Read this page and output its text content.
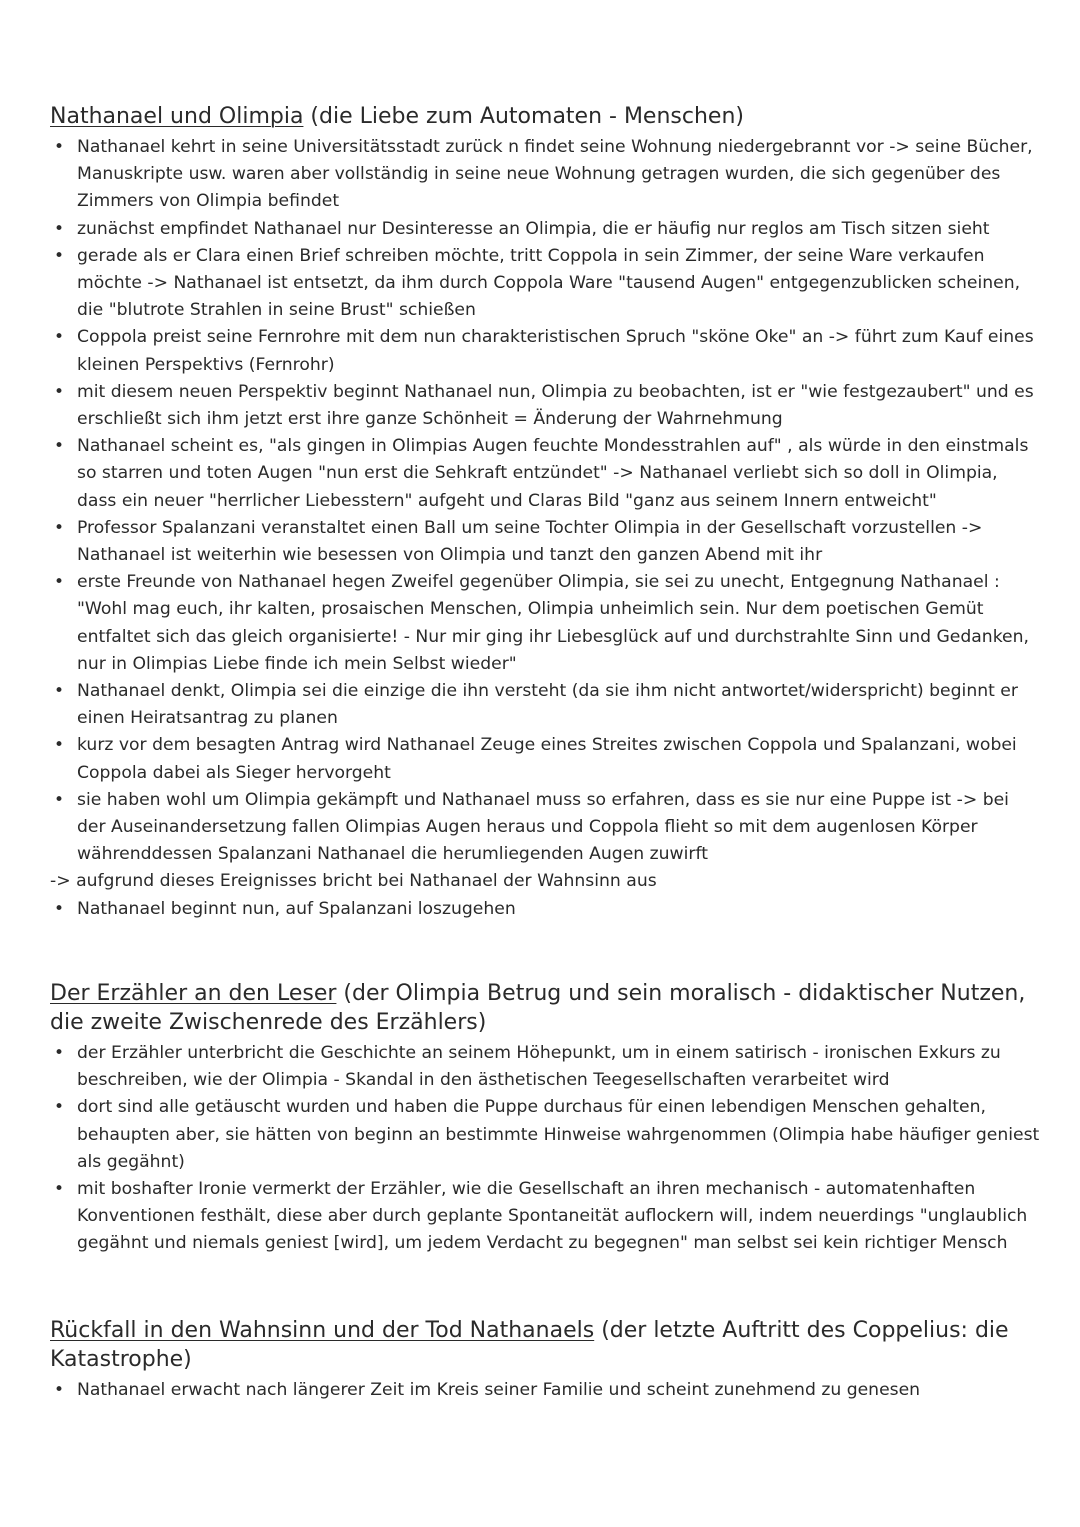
Nathanael und Olimpia (die Liebe zum Automaten - Menschen)
• Nathanael kehrt in seine Universitätsstadt zurück n findet seine Wohnung niedergebrannt vor -> seine Bücher, Manuskripte usw. waren aber vollständig in seine neue Wohnung getragen wurden, die sich gegenüber des Zimmers von Olimpia befindet
• zunächst empfindet Nathanael nur Desinteresse an Olimpia, die er häufig nur reglos am Tisch sitzen sieht
• gerade als er Clara einen Brief schreiben möchte, tritt Coppola in sein Zimmer, der seine Ware verkaufen möchte -> Nathanael ist entsetzt, da ihm durch Coppola Ware "tausend Augen" entgegenzublicken scheinen, die "blutrote Strahlen in seine Brust" schießen
• Coppola preist seine Fernrohre mit dem nun charakteristischen Spruch "sköne Oke" an -> führt zum Kauf eines kleinen Perspektivs (Fernrohr)
• mit diesem neuen Perspektiv beginnt Nathanael nun, Olimpia zu beobachten, ist er "wie festgezaubert" und es erschließt sich ihm jetzt erst ihre ganze Schönheit = Änderung der Wahrnehmung
• Nathanael scheint es, "als gingen in Olimpias Augen feuchte Mondesstrahlen auf" , als würde in den einstmals so starren und toten Augen "nun erst die Sehkraft entzündet" -> Nathanael verliebt sich so doll in Olimpia, dass ein neuer "herrlicher Liebesstern" aufgeht und Claras Bild "ganz aus seinem Innern entweicht"
• Professor Spalanzani veranstaltet einen Ball um seine Tochter Olimpia in der Gesellschaft vorzustellen -> Nathanael ist weiterhin wie besessen von Olimpia und tanzt den ganzen Abend mit ihr
• erste Freunde von Nathanael hegen Zweifel gegenüber Olimpia, sie sei zu unecht, Entgegnung Nathanael : "Wohl mag euch, ihr kalten, prosaischen Menschen, Olimpia unheimlich sein. Nur dem poetischen Gemüt entfaltet sich das gleich organisierte! - Nur mir ging ihr Liebesglück auf und durchstrahlte Sinn und Gedanken, nur in Olimpias Liebe finde ich mein Selbst wieder"
• Nathanael denkt, Olimpia sei die einzige die ihn versteht (da sie ihm nicht antwortet/widerspricht) beginnt er einen Heiratsantrag zu planen
• kurz vor dem besagten Antrag wird Nathanael Zeuge eines Streites zwischen Coppola und Spalanzani, wobei Coppola dabei als Sieger hervorgeht
• sie haben wohl um Olimpia gekämpft und Nathanael muss so erfahren, dass es sie nur eine Puppe ist -> bei der Auseinandersetzung fallen Olimpias Augen heraus und Coppola flieht so mit dem augenlosen Körper währenddessen Spalanzani Nathanael die herumliegenden Augen zuwirft
-> aufgrund dieses Ereignisses bricht bei Nathanael der Wahnsinn aus
• Nathanael beginnt nun, auf Spalanzani loszugehen
Der Erzähler an den Leser (der Olimpia Betrug und sein moralisch - didaktischer Nutzen, die zweite Zwischenrede des Erzählers)
• der Erzähler unterbricht die Geschichte an seinem Höhepunkt, um in einem satirisch - ironischen Exkurs zu beschreiben, wie der Olimpia - Skandal in den ästhetischen Teegesellschaften verarbeitet wird
• dort sind alle getäuscht wurden und haben die Puppe durchaus für einen lebendigen Menschen gehalten, behaupten aber, sie hätten von beginn an bestimmte Hinweise wahrgenommen (Olimpia habe häufiger geniest als gegähnt)
• mit boshafter Ironie vermerkt der Erzähler, wie die Gesellschaft an ihren mechanisch - automatenhaften Konventionen festhält, diese aber durch geplante Spontaneität auflockern will, indem neuerdings "unglaublich gegähnt und niemals geniest [wird], um jedem Verdacht zu begegnen" man selbst sei kein richtiger Mensch
Rückfall in den Wahnsinn und der Tod Nathanaels (der letzte Auftritt des Coppelius: die Katastrophe)
• Nathanael erwacht nach längerer Zeit im Kreis seiner Familie und scheint zunehmend zu genesen
